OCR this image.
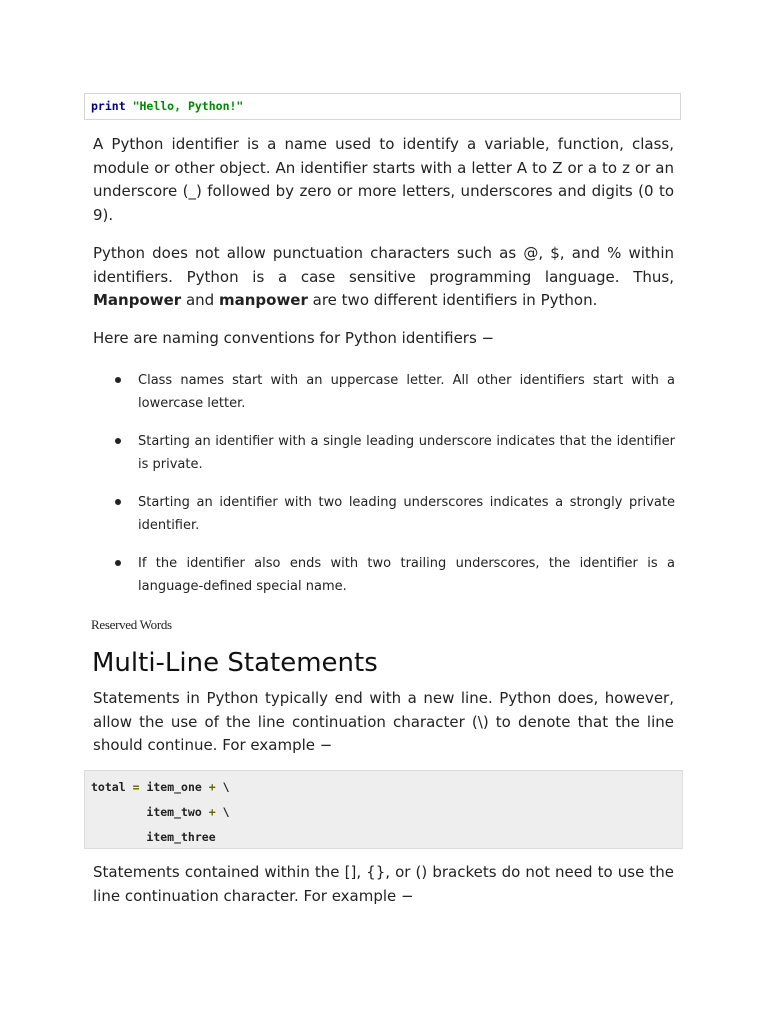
print "Hello, Python!"

A Python identifier is a name used to identify a variable, function, class, module or other object. An identifier starts with a letter A to Z or a to z or an underscore (_) followed by zero or more letters, underscores and digits (0 to 9).

Python does not allow punctuation characters such as @, $, and % within identifiers. Python is a case sensitive programming language. Thus, Manpower and manpower are two different identifiers in Python.

Here are naming conventions for Python identifiers −

Class names start with an uppercase letter. All other identifiers start with a lowercase letter.
Starting an identifier with a single leading underscore indicates that the identifier is private.
Starting an identifier with two leading underscores indicates a strongly private identifier.
If the identifier also ends with two trailing underscores, the identifier is a language-defined special name.
Reserved Words
Multi-Line Statements

Statements in Python typically end with a new line. Python does, however, allow the use of the line continuation character (\) to denote that the line should continue. For example −

total = item_one + \
item_two + \
item_three

Statements contained within the [], {}, or () brackets do not need to use the line continuation character. For example −
